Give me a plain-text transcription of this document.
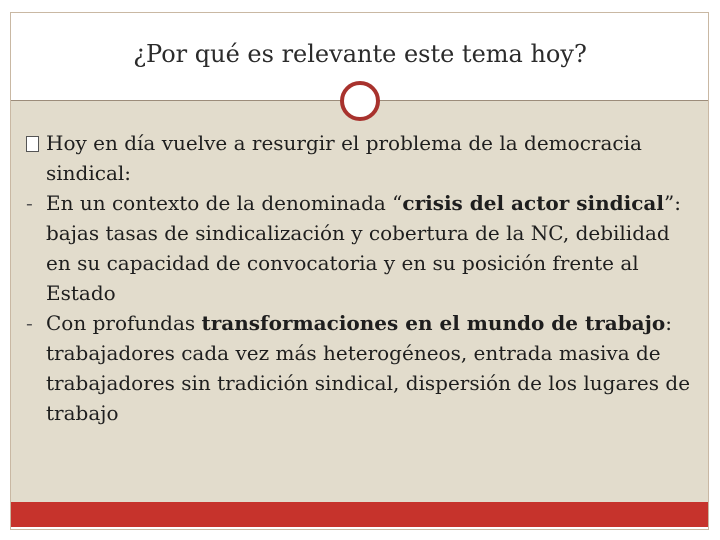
¿Por qué es relevante este tema hoy?

Hoy en día vuelve a resurgir el problema de la democracia sindical:

- En un contexto de la denominada “crisis del actor sindical”: bajas tasas de sindicalización y cobertura de la NC, debilidad en su capacidad de convocatoria y en su posición frente al Estado

- Con profundas transformaciones en el mundo de trabajo: trabajadores cada vez más heterogéneos, entrada masiva de trabajadores sin tradición sindical, dispersión de los lugares de trabajo
